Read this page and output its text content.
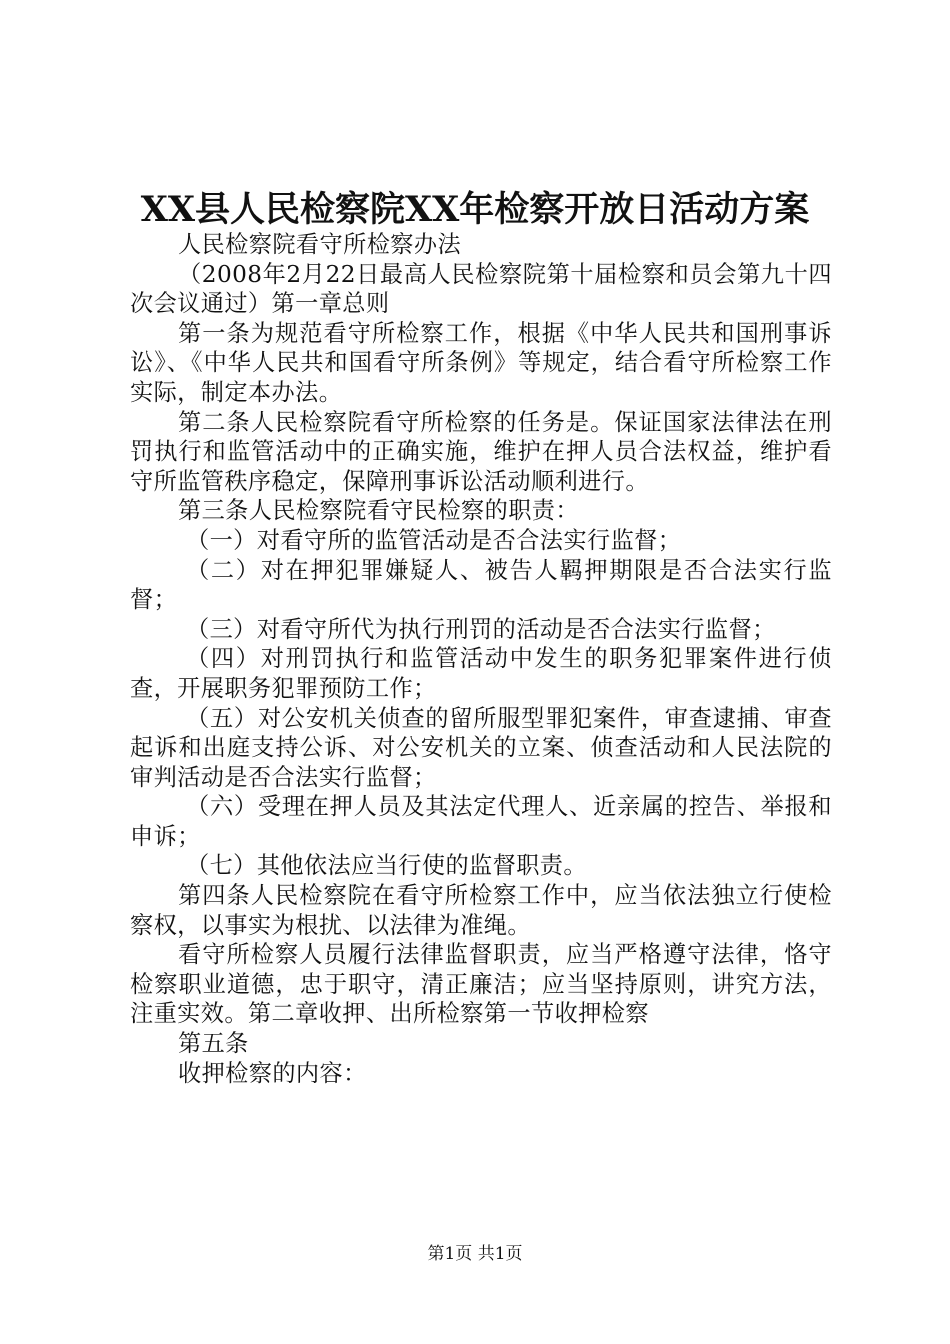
XX县人民检察院XX年检察开放日活动方案

人民检察院看守所检察办法

（2008年2月22日最高人民检察院第十届检察和员会第九十四次会议通过）第一章总则

第一条为规范看守所检察工作，根据《中华人民共和国刑事诉讼》、《中华人民共和国看守所条例》等规定，结合看守所检察工作实际，制定本办法。

第二条人民检察院看守所检察的任务是。保证国家法律法在刑罚执行和监管活动中的正确实施，维护在押人员合法权益，维护看守所监管秩序稳定，保障刑事诉讼活动顺利进行。

第三条人民检察院看守民检察的职责：

（一）对看守所的监管活动是否合法实行监督；

（二）对在押犯罪嫌疑人、被告人羁押期限是否合法实行监督；

（三）对看守所代为执行刑罚的活动是否合法实行监督；

（四）对刑罚执行和监管活动中发生的职务犯罪案件进行侦查，开展职务犯罪预防工作；

（五）对公安机关侦查的留所服型罪犯案件，审查逮捕、审查起诉和出庭支持公诉、对公安机关的立案、侦查活动和人民法院的审判活动是否合法实行监督；

（六）受理在押人员及其法定代理人、近亲属的控告、举报和申诉；

（七）其他依法应当行使的监督职责。

第四条人民检察院在看守所检察工作中，应当依法独立行使检察权，以事实为根扰、以法律为准绳。

看守所检察人员履行法律监督职责，应当严格遵守法律，恪守检察职业道德，忠于职守，清正廉洁；应当坚持原则，讲究方法，注重实效。第二章收押、出所检察第一节收押检察

第五条

收押检察的内容：

第1页 共1页
